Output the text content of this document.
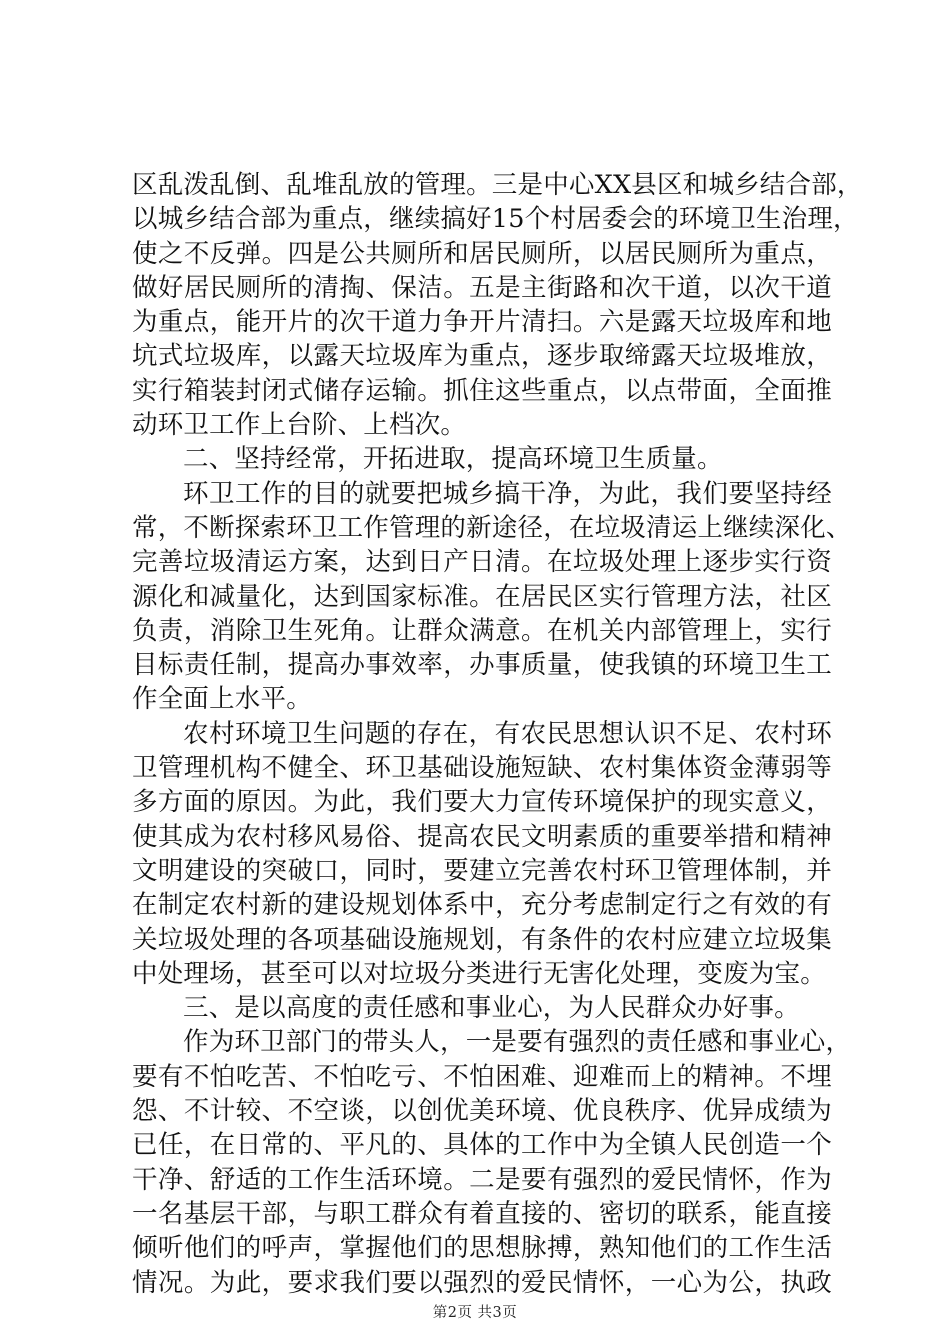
区乱泼乱倒、乱堆乱放的管理。三是中心XX县区和城乡结合部，
以城乡结合部为重点，继续搞好15个村居委会的环境卫生治理，
使之不反弹。四是公共厕所和居民厕所，以居民厕所为重点，
做好居民厕所的清掏、保洁。五是主街路和次干道，以次干道
为重点，能开片的次干道力争开片清扫。六是露天垃圾库和地
坑式垃圾库，以露天垃圾库为重点，逐步取缔露天垃圾堆放，
实行箱装封闭式储存运输。抓住这些重点，以点带面，全面推
动环卫工作上台阶、上档次。
二、坚持经常，开拓进取，提高环境卫生质量。
环卫工作的目的就要把城乡搞干净，为此，我们要坚持经
常，不断探索环卫工作管理的新途径，在垃圾清运上继续深化、
完善垃圾清运方案，达到日产日清。在垃圾处理上逐步实行资
源化和减量化，达到国家标准。在居民区实行管理方法，社区
负责，消除卫生死角。让群众满意。在机关内部管理上，实行
目标责任制，提高办事效率，办事质量，使我镇的环境卫生工
作全面上水平。
农村环境卫生问题的存在，有农民思想认识不足、农村环
卫管理机构不健全、环卫基础设施短缺、农村集体资金薄弱等
多方面的原因。为此，我们要大力宣传环境保护的现实意义，
使其成为农村移风易俗、提高农民文明素质的重要举措和精神
文明建设的突破口，同时，要建立完善农村环卫管理体制，并
在制定农村新的建设规划体系中，充分考虑制定行之有效的有
关垃圾处理的各项基础设施规划，有条件的农村应建立垃圾集
中处理场，甚至可以对垃圾分类进行无害化处理，变废为宝。
三、是以高度的责任感和事业心，为人民群众办好事。
作为环卫部门的带头人，一是要有强烈的责任感和事业心，
要有不怕吃苦、不怕吃亏、不怕困难、迎难而上的精神。不埋
怨、不计较、不空谈，以创优美环境、优良秩序、优异成绩为
已任，在日常的、平凡的、具体的工作中为全镇人民创造一个
干净、舒适的工作生活环境。二是要有强烈的爱民情怀，作为
一名基层干部，与职工群众有着直接的、密切的联系，能直接
倾听他们的呼声，掌握他们的思想脉搏，熟知他们的工作生活
情况。为此，要求我们要以强烈的爱民情怀，一心为公，执政
第2页 共3页
